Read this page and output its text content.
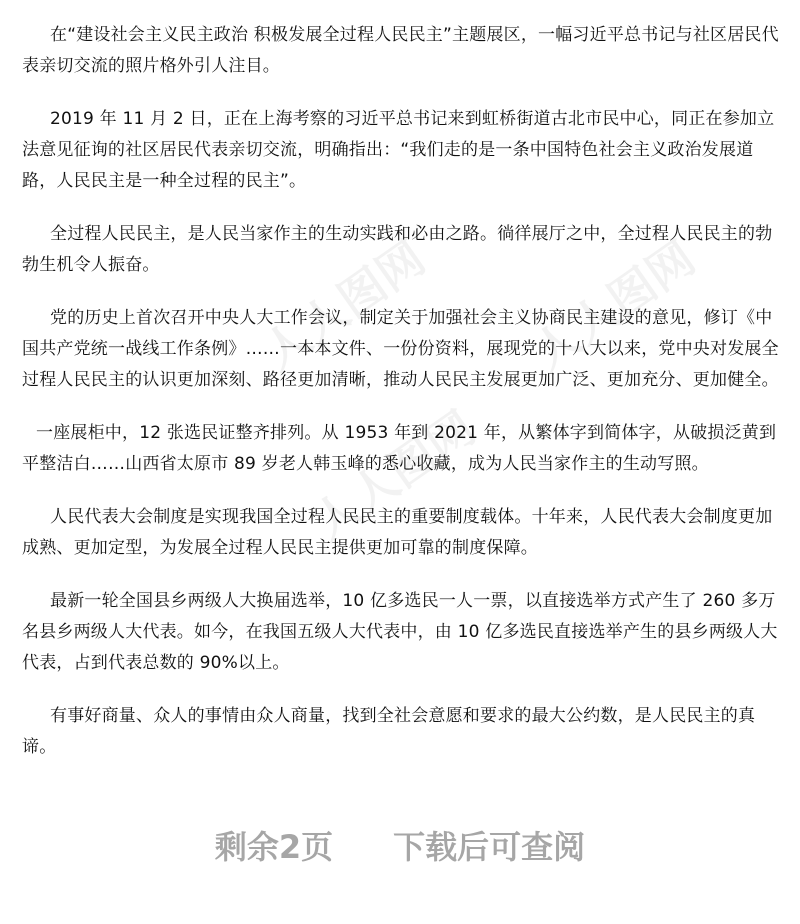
人人图网 人人图网
人人图网

在“建设社会主义民主政治 积极发展全过程人民民主”主题展区，一幅习近平总书记与社区居民代表亲切交流的照片格外引人注目。

2019 年 11 月 2 日，正在上海考察的习近平总书记来到虹桥街道古北市民中心，同正在参加立法意见征询的社区居民代表亲切交流，明确指出：“我们走的是一条中国特色社会主义政治发展道路，人民民主是一种全过程的民主”。

全过程人民民主，是人民当家作主的生动实践和必由之路。徜徉展厅之中，全过程人民民主的勃勃生机令人振奋。

党的历史上首次召开中央人大工作会议，制定关于加强社会主义协商民主建设的意见，修订《中国共产党统一战线工作条例》……一本本文件、一份份资料，展现党的十八大以来，党中央对发展全过程人民民主的认识更加深刻、路径更加清晰，推动人民民主发展更加广泛、更加充分、更加健全。

一座展柜中，12 张选民证整齐排列。从 1953 年到 2021 年，从繁体字到简体字，从破损泛黄到平整洁白……山西省太原市 89 岁老人韩玉峰的悉心收藏，成为人民当家作主的生动写照。

人民代表大会制度是实现我国全过程人民民主的重要制度载体。十年来，人民代表大会制度更加成熟、更加定型，为发展全过程人民民主提供更加可靠的制度保障。

最新一轮全国县乡两级人大换届选举，10 亿多选民一人一票，以直接选举方式产生了 260 多万名县乡两级人大代表。如今，在我国五级人大代表中，由 10 亿多选民直接选举产生的县乡两级人大代表，占到代表总数的 90%以上。

有事好商量、众人的事情由众人商量，找到全社会意愿和要求的最大公约数，是人民民主的真谛。

剩余2页 下载后可查阅
